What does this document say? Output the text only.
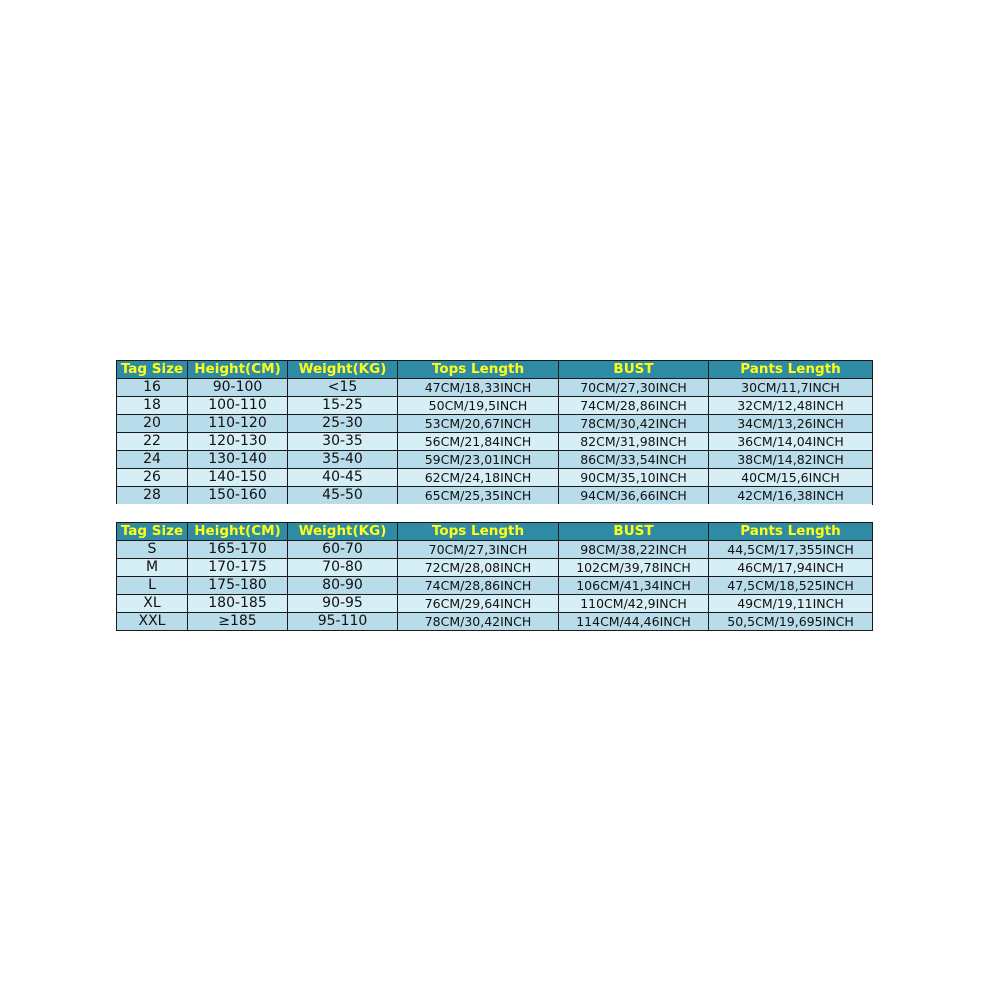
Tag Size	Height(CM)	Weight(KG)	Tops Length	BUST	Pants Length
16	90-100	<15	47CM/18,33INCH	70CM/27,30INCH	30CM/11,7INCH
18	100-110	15-25	50CM/19,5INCH	74CM/28,86INCH	32CM/12,48INCH
20	110-120	25-30	53CM/20,67INCH	78CM/30,42INCH	34CM/13,26INCH
22	120-130	30-35	56CM/21,84INCH	82CM/31,98INCH	36CM/14,04INCH
24	130-140	35-40	59CM/23,01INCH	86CM/33,54INCH	38CM/14,82INCH
26	140-150	40-45	62CM/24,18INCH	90CM/35,10INCH	40CM/15,6INCH
28	150-160	45-50	65CM/25,35INCH	94CM/36,66INCH	42CM/16,38INCH
Tag Size	Height(CM)	Weight(KG)	Tops Length	BUST	Pants Length
S	165-170	60-70	70CM/27,3INCH	98CM/38,22INCH	44,5CM/17,355INCH
M	170-175	70-80	72CM/28,08INCH	102CM/39,78INCH	46CM/17,94INCH
L	175-180	80-90	74CM/28,86INCH	106CM/41,34INCH	47,5CM/18,525INCH
XL	180-185	90-95	76CM/29,64INCH	110CM/42,9INCH	49CM/19,11INCH
XXL	≥185	95-110	78CM/30,42INCH	114CM/44,46INCH	50,5CM/19,695INCH
